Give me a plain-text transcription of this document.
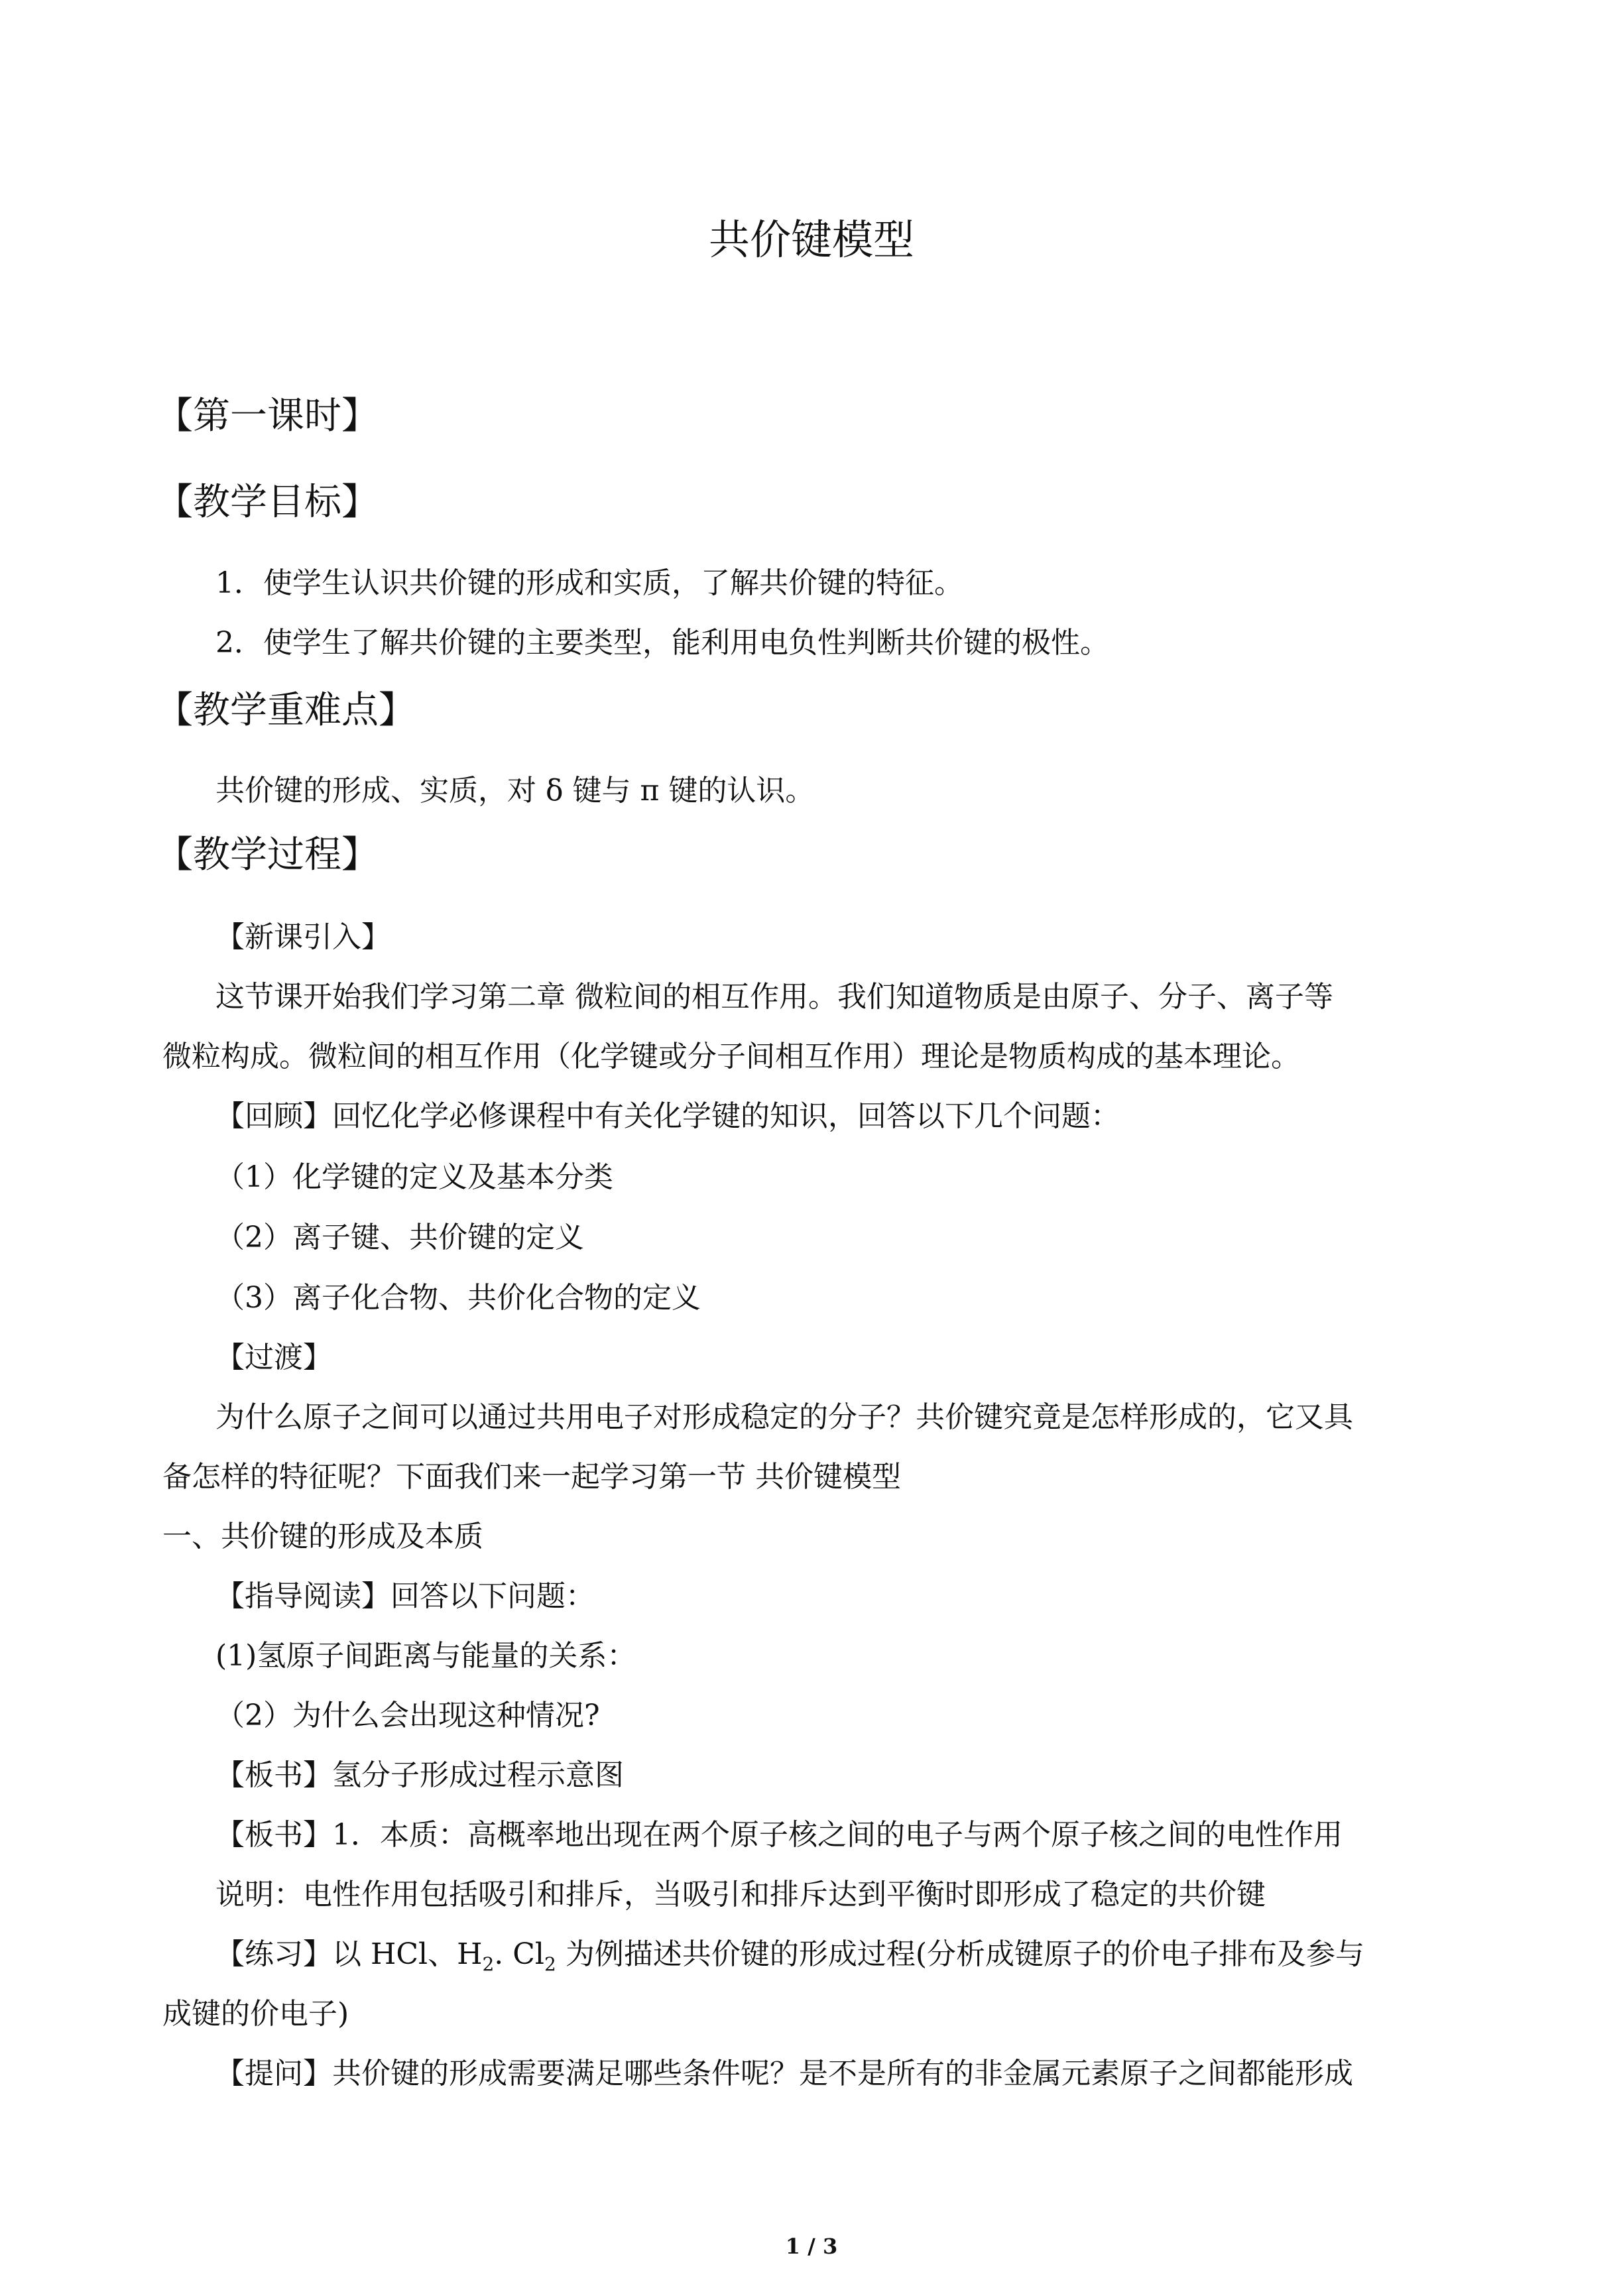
共价键模型
【第一课时】
【教学目标】
1．使学生认识共价键的形成和实质，了解共价键的特征。
2．使学生了解共价键的主要类型，能利用电负性判断共价键的极性。
【教学重难点】
共价键的形成、实质，对 δ 键与 π 键的认识。
【教学过程】
【新课引入】
这节课开始我们学习第二章 微粒间的相互作用。我们知道物质是由原子、分子、离子等
微粒构成。微粒间的相互作用（化学键或分子间相互作用）理论是物质构成的基本理论。
【回顾】回忆化学必修课程中有关化学键的知识，回答以下几个问题：
（1）化学键的定义及基本分类
（2）离子键、共价键的定义
（3）离子化合物、共价化合物的定义
【过渡】
为什么原子之间可以通过共用电子对形成稳定的分子？共价键究竟是怎样形成的，它又具
备怎样的特征呢？下面我们来一起学习第一节 共价键模型
一、共价键的形成及本质
【指导阅读】回答以下问题：
(1)氢原子间距离与能量的关系：
（2）为什么会出现这种情况?
【板书】氢分子形成过程示意图
【板书】1．本质：高概率地出现在两个原子核之间的电子与两个原子核之间的电性作用
说明：电性作用包括吸引和排斥，当吸引和排斥达到平衡时即形成了稳定的共价键
【练习】以 HCl、$H_2$. $Cl_2$ 为例描述共价键的形成过程(分析成键原子的价电子排布及参与
成键的价电子)
【提问】共价键的形成需要满足哪些条件呢？是不是所有的非金属元素原子之间都能形成
1 / 3
